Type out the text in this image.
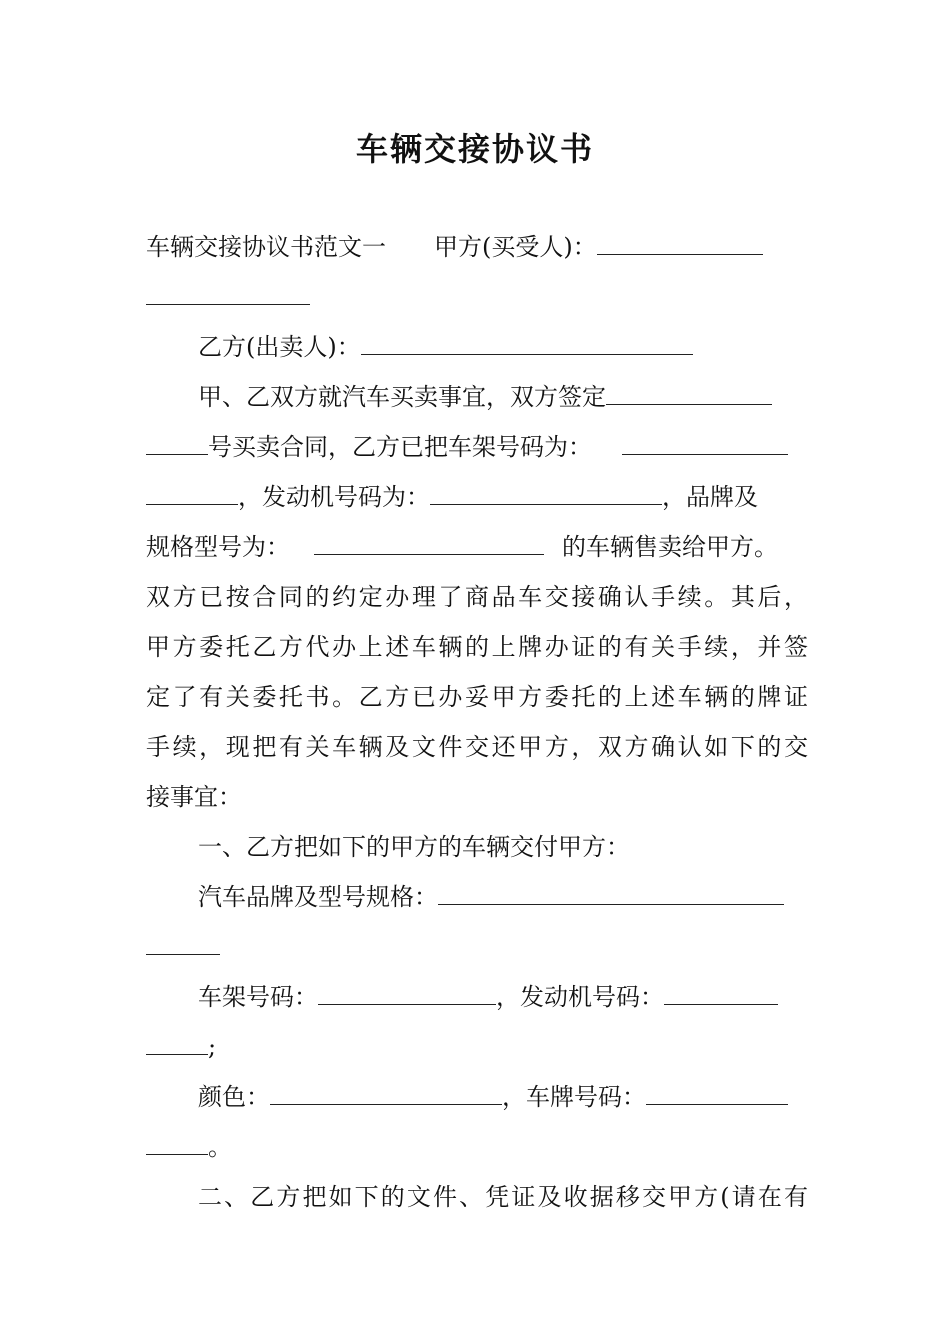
车辆交接协议书
车辆交接协议书范文一　　甲方(买受人)：
乙方(出卖人)：
甲、乙双方就汽车买卖事宜，双方签定
号买卖合同，乙方已把车架号码为：
，发动机号码为：	，品牌及
规格型号为：	的车辆售卖给甲方。
双方已按合同的约定办理了商品车交接确认手续。其后，
甲方委托乙方代办上述车辆的上牌办证的有关手续，并签
定了有关委托书。乙方已办妥甲方委托的上述车辆的牌证
手续，现把有关车辆及文件交还甲方，双方确认如下的交
接事宜：
一、乙方把如下的甲方的车辆交付甲方：
汽车品牌及型号规格：
车架号码：	，发动机号码：
;
颜色：	，车牌号码：
。
二、乙方把如下的文件、凭证及收据移交甲方(请在有
